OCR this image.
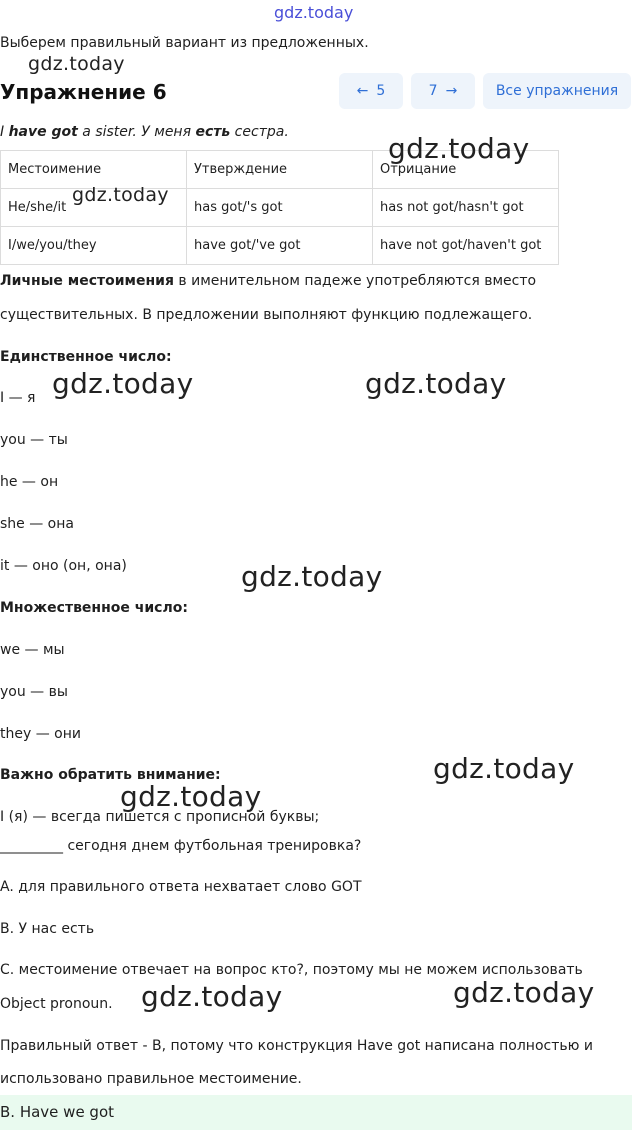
gdz.today
gdz.today
Выберем правильный вариант из предложенных.
Упражнение 6	← 5	7 →	Все упражнения
I have got a sister. У меня есть сестра.
Местоимение	Утверждение	Отрицание
He/she/it	has got/'s got	has not got/hasn't got
I/we/you/they	have got/'ve got	have not got/haven't got
gdz.today
gdz.today
Личные местоимения в именительном падеже употребляются вместо
существительных. В предложении выполняют функцию подлежащего.
Единственное число:
I — я
you — ты
he — он
she — она
it — оно (он, она)
gdz.today	gdz.today
gdz.today
Множественное число:
we — мы
you — вы
they — они
Важно обратить внимание:
I (я) — всегда пишется с прописной буквы;
gdz.today
gdz.today
_________ сегодня днем футбольная тренировка?
A. для правильного ответа нехватает слово GOT
B. У нас есть
C. местоимение отвечает на вопрос кто?, поэтому мы не можем использовать
Object pronoun. gdz.today	gdz.today
Правильный ответ - B, потому что конструкция Have got написана полностью и
использовано правильное местоимение.
B. Have we got
